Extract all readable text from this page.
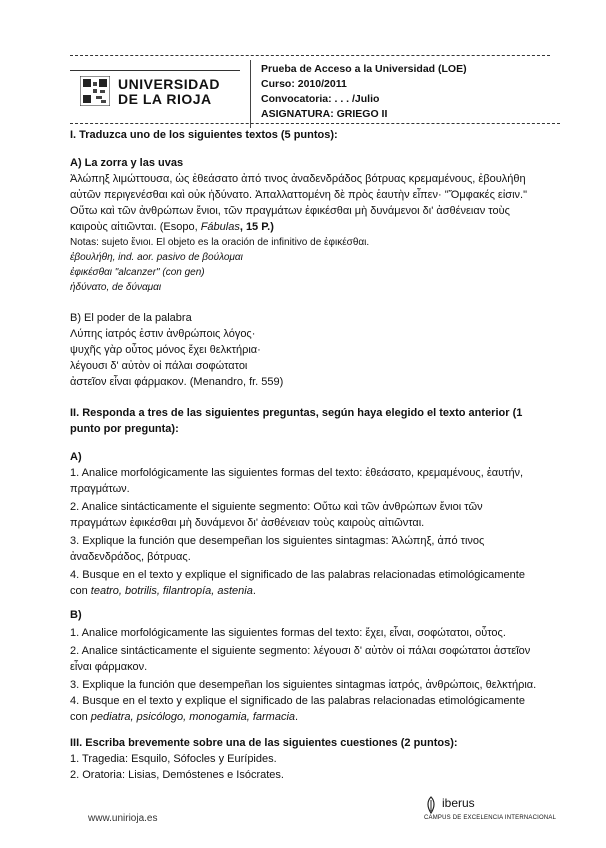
UNIVERSIDAD
DE LA RIOJA
Prueba de Acceso a la Universidad (LOE)
Curso: 2010/2011
Convocatoria: . . . /Julio
ASIGNATURA: GRIEGO II
I. Traduzca uno de los siguientes textos (5 puntos):
A) La zorra y las uvas
Ἀλώπηξ λιμώττουσα, ὡς ἐθεάσατο ἀπό τινος ἀναδενδράδος βότρυας κρεμαμένους, ἐβουλήθη
αὐτῶν περιγενέσθαι καὶ οὐκ ἠδύνατο. Ἀπαλλαττομένη δὲ πρὸς ἑαυτὴν εἶπεν· "Ὄμφακές εἰσιν."
Οὕτω καὶ τῶν ἀνθρώπων ἔνιοι, τῶν πραγμάτων ἐφικέσθαι μὴ δυνάμενοι δι' ἀσθένειαν τοὺς
καιροὺς αἰτιῶνται. (Esopo, Fábulas, 15 P.)
Notas: sujeto ἔνιοι. El objeto es la oración de infinitivo de ἐφικέσθαι.
ἐβουλήθη, ind. aor. pasivo de βούλομαι
ἐφικέσθαι "alcanzer" (con gen)
ἠδύνατο, de δύναμαι
B) El poder de la palabra
Λύπης ἰατρός ἐστιν ἀνθρώποις λόγος·
ψυχῆς γὰρ οὗτος μόνος ἔχει θελκτήρια·
λέγουσι δ' αὐτὸν οἱ πάλαι σοφώτατοι
ἀστεῖον εἶναι φάρμακον. (Menandro, fr. 559)
II. Responda a tres de las siguientes preguntas, según haya elegido el texto anterior (1
punto por pregunta):
A)
1. Analice morfológicamente las siguientes formas del texto: ἐθεάσατο, κρεμαμένους, ἑαυτήν,
πραγμάτων.
2. Analice sintácticamente el siguiente segmento: Οὕτω καὶ τῶν ἀνθρώπων ἔνιοι τῶν
πραγμάτων ἐφικέσθαι μὴ δυνάμενοι δι' ἀσθένειαν τοὺς καιροὺς αἰτιῶνται.
3. Explique la función que desempeñan los siguientes sintagmas: Ἀλώπηξ, ἀπό τινος
ἀναδενδράδος, βότρυας.
4. Busque en el texto y explique el significado de las palabras relacionadas etimológicamente
con teatro, botrilis, filantropía, astenia.
B)
1. Analice morfológicamente las siguientes formas del texto: ἔχει, εἶναι, σοφώτατοι, οὗτος.
2. Analice sintácticamente el siguiente segmento: λέγουσι δ' αὐτὸν οἱ πάλαι σοφώτατοι ἀστεῖον
εἶναι φάρμακον.
3. Explique la función que desempeñan los siguientes sintagmas ἰατρός, ἀνθρώποις, θελκτήρια.
4. Busque en el texto y explique el significado de las palabras relacionadas etimológicamente
con pediatra, psicólogo, monogamia, farmacia.
III. Escriba brevemente sobre una de las siguientes cuestiones (2 puntos):
1. Tragedia: Esquilo, Sófocles y Eurípides.
2. Oratoria: Lisias, Demóstenes e Isócrates.
www.unirioja.es
iberus
CAMPUS DE EXCELENCIA INTERNACIONAL
